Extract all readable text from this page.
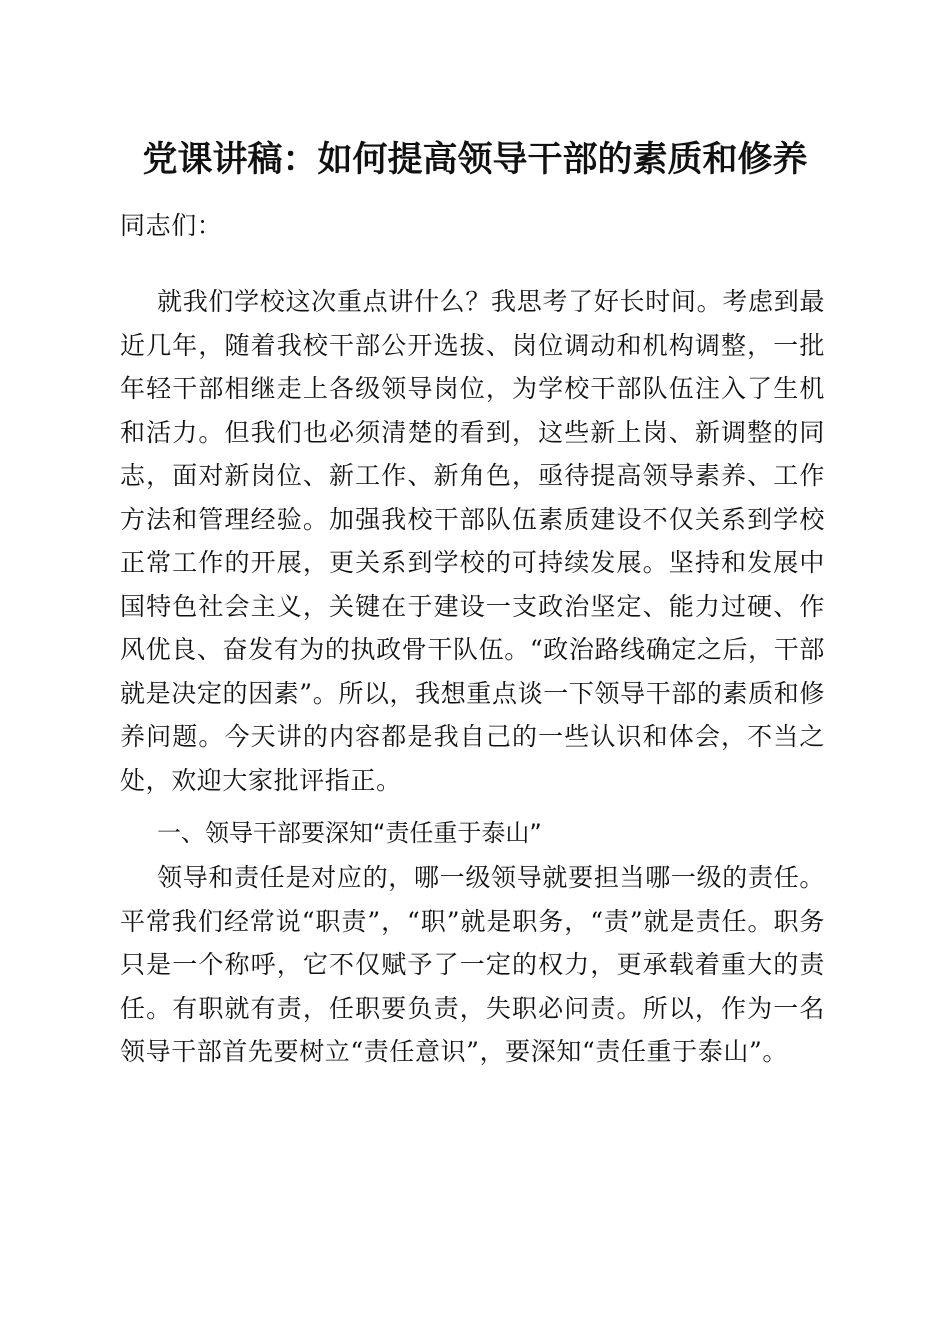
党课讲稿：如何提高领导干部的素质和修养
同志们：
就我们学校这次重点讲什么？我思考了好长时间。考虑到最近几年，随着我校干部公开选拔、岗位调动和机构调整，一批年轻干部相继走上各级领导岗位，为学校干部队伍注入了生机和活力。但我们也必须清楚的看到，这些新上岗、新调整的同志，面对新岗位、新工作、新角色，亟待提高领导素养、工作方法和管理经验。加强我校干部队伍素质建设不仅关系到学校正常工作的开展，更关系到学校的可持续发展。坚持和发展中国特色社会主义，关键在于建设一支政治坚定、能力过硬、作风优良、奋发有为的执政骨干队伍。“政治路线确定之后，干部就是决定的因素”。所以，我想重点谈一下领导干部的素质和修养问题。今天讲的内容都是我自己的一些认识和体会，不当之处，欢迎大家批评指正。
一、领导干部要深知“责任重于泰山”
领导和责任是对应的，哪一级领导就要担当哪一级的责任。平常我们经常说“职责”，“职”就是职务，“责”就是责任。职务只是一个称呼，它不仅赋予了一定的权力，更承载着重大的责任。有职就有责，任职要负责，失职必问责。所以，作为一名领导干部首先要树立“责任意识”，要深知“责任重于泰山”。
